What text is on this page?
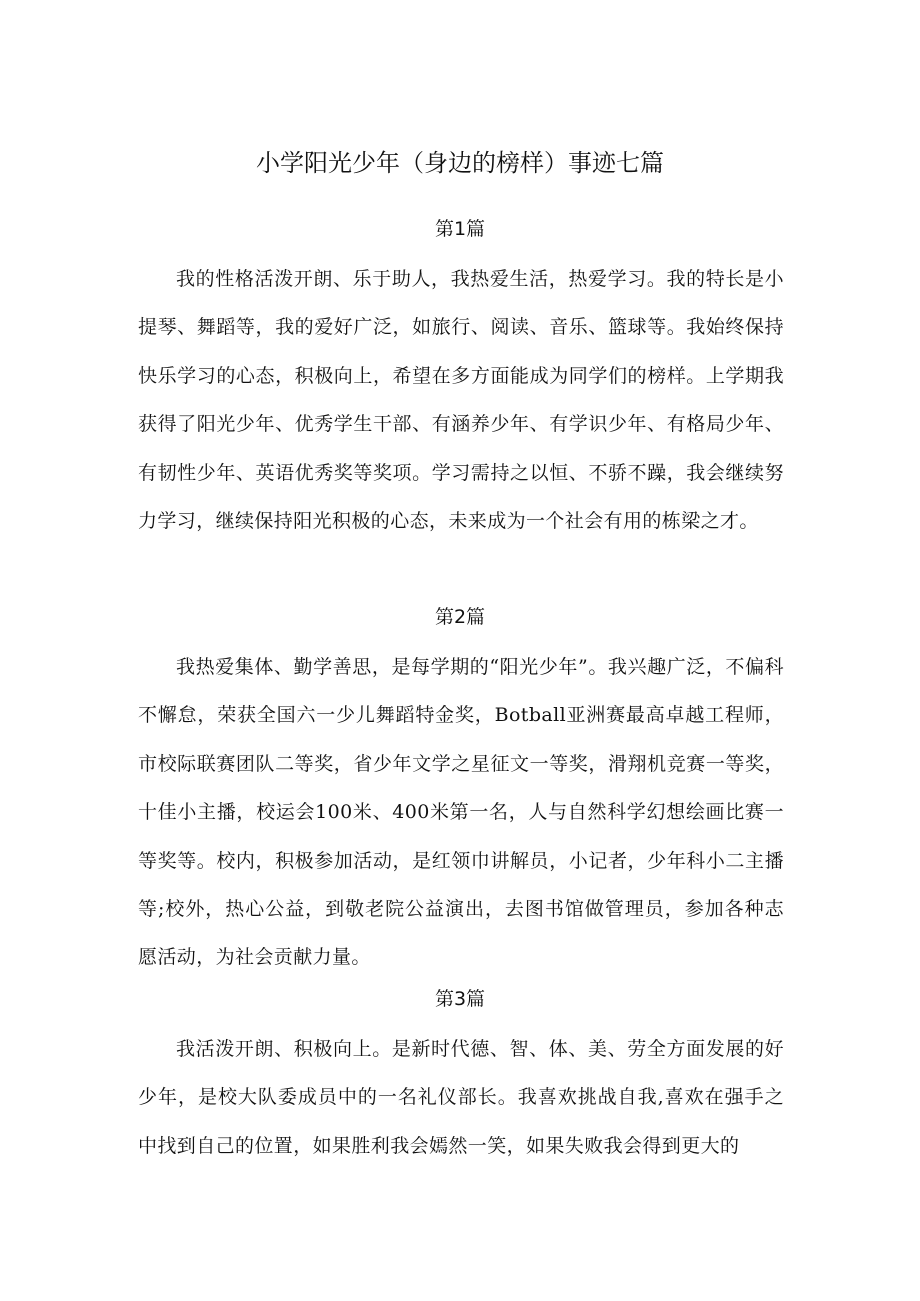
小学阳光少年（身边的榜样）事迹七篇
第1篇

我的性格活泼开朗、乐于助人，我热爱生活，热爱学习。我的特长是小提琴、舞蹈等，我的爱好广泛，如旅行、阅读、音乐、篮球等。我始终保持快乐学习的心态，积极向上，希望在多方面能成为同学们的榜样。上学期我获得了阳光少年、优秀学生干部、有涵养少年、有学识少年、有格局少年、有韧性少年、英语优秀奖等奖项。学习需持之以恒、不骄不躁，我会继续努力学习，继续保持阳光积极的心态，未来成为一个社会有用的栋梁之才。

第2篇

我热爱集体、勤学善思，是每学期的“阳光少年”。我兴趣广泛，不偏科不懈怠，荣获全国六一少儿舞蹈特金奖，Botball亚洲赛最高卓越工程师，市校际联赛团队二等奖，省少年文学之星征文一等奖，滑翔机竞赛一等奖，十佳小主播，校运会100米、400米第一名，人与自然科学幻想绘画比赛一等奖等。校内，积极参加活动，是红领巾讲解员，小记者，少年科小二主播等;校外，热心公益，到敬老院公益演出，去图书馆做管理员，参加各种志愿活动，为社会贡献力量。

第3篇

我活泼开朗、积极向上。是新时代德、智、体、美、劳全方面发展的好少年，是校大队委成员中的一名礼仪部长。我喜欢挑战自我,喜欢在强手之中找到自己的位置，如果胜利我会嫣然一笑，如果失败我会得到更大的
